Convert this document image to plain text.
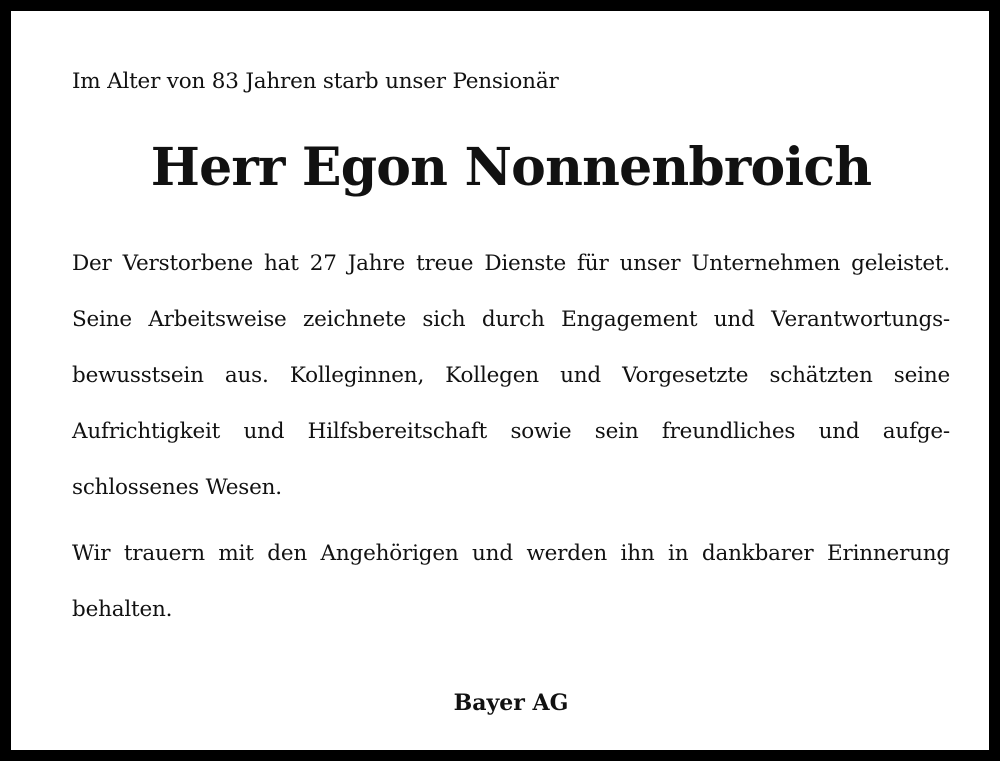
Im Alter von 83 Jahren starb unser Pensionär
Herr Egon Nonnenbroich
Der Verstorbene hat 27 Jahre treue Dienste für unser Unternehmen geleistet.
Seine Arbeitsweise zeichnete sich durch Engagement und Verantwortungs-
bewusstsein aus. Kolleginnen, Kollegen und Vorgesetzte schätzten seine
Aufrichtigkeit und Hilfsbereitschaft sowie sein freundliches und aufge-
schlossenes Wesen.
Wir trauern mit den Angehörigen und werden ihn in dankbarer Erinnerung
behalten.
Bayer AG
